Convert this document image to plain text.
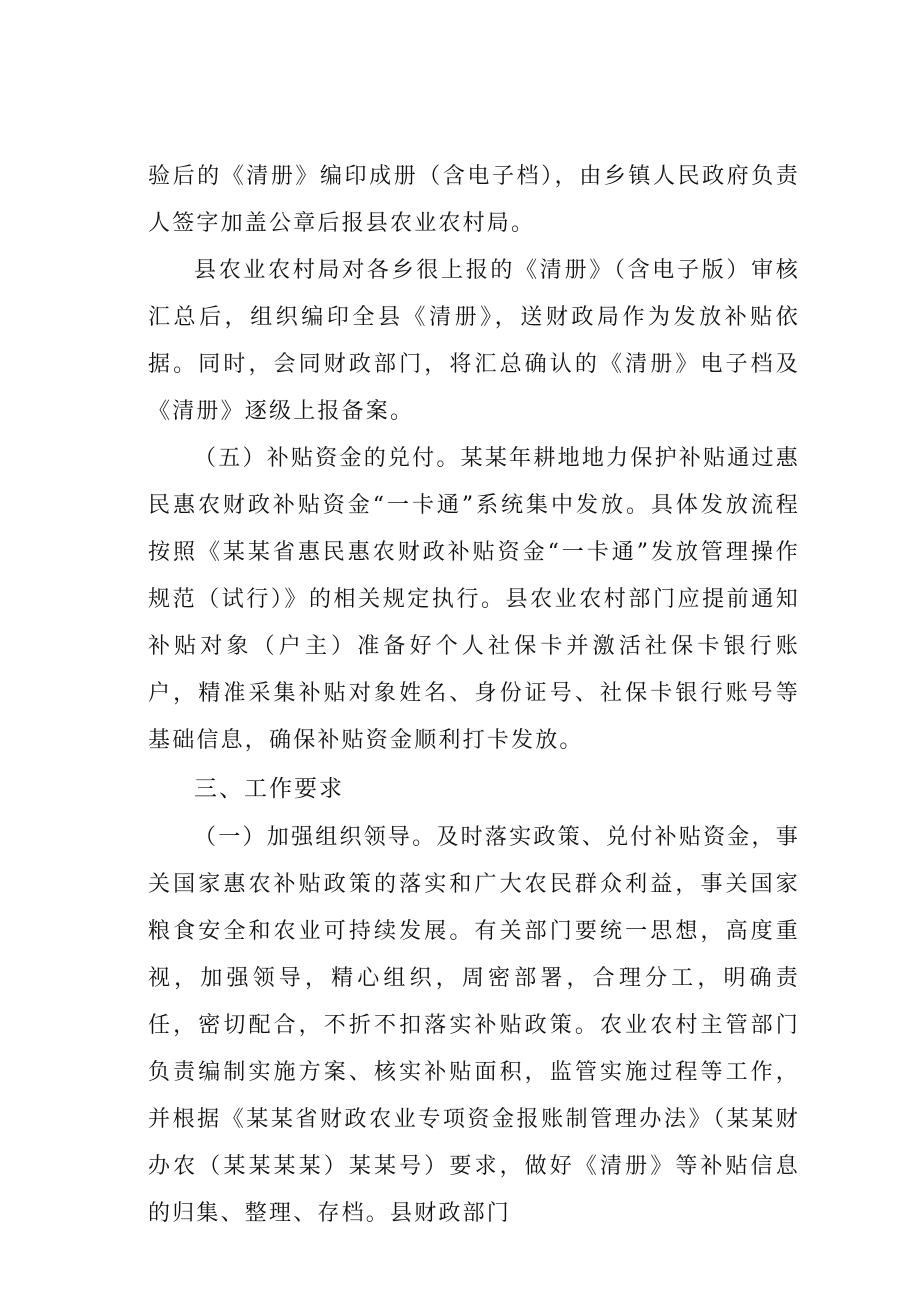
验后的《清册》编印成册（含电子档），由乡镇人民政府负责人签字加盖公章后报县农业农村局。

县农业农村局对各乡很上报的《清册》（含电子版）审核汇总后，组织编印全县《清册》，送财政局作为发放补贴依据。同时，会同财政部门，将汇总确认的《清册》电子档及《清册》逐级上报备案。

（五）补贴资金的兑付。某某年耕地地力保护补贴通过惠民惠农财政补贴资金“一卡通”系统集中发放。具体发放流程按照《某某省惠民惠农财政补贴资金“一卡通”发放管理操作规范（试行）》的相关规定执行。县农业农村部门应提前通知补贴对象（户主）准备好个人社保卡并激活社保卡银行账户，精准采集补贴对象姓名、身份证号、社保卡银行账号等基础信息，确保补贴资金顺利打卡发放。

三、工作要求

（一）加强组织领导。及时落实政策、兑付补贴资金，事关国家惠农补贴政策的落实和广大农民群众利益，事关国家粮食安全和农业可持续发展。有关部门要统一思想，高度重视，加强领导，精心组织，周密部署，合理分工，明确责任，密切配合，不折不扣落实补贴政策。农业农村主管部门负责编制实施方案、核实补贴面积，监管实施过程等工作，并根据《某某省财政农业专项资金报账制管理办法》（某某财办农（某某某某）某某号）要求，做好《清册》等补贴信息的归集、整理、存档。县财政部门
